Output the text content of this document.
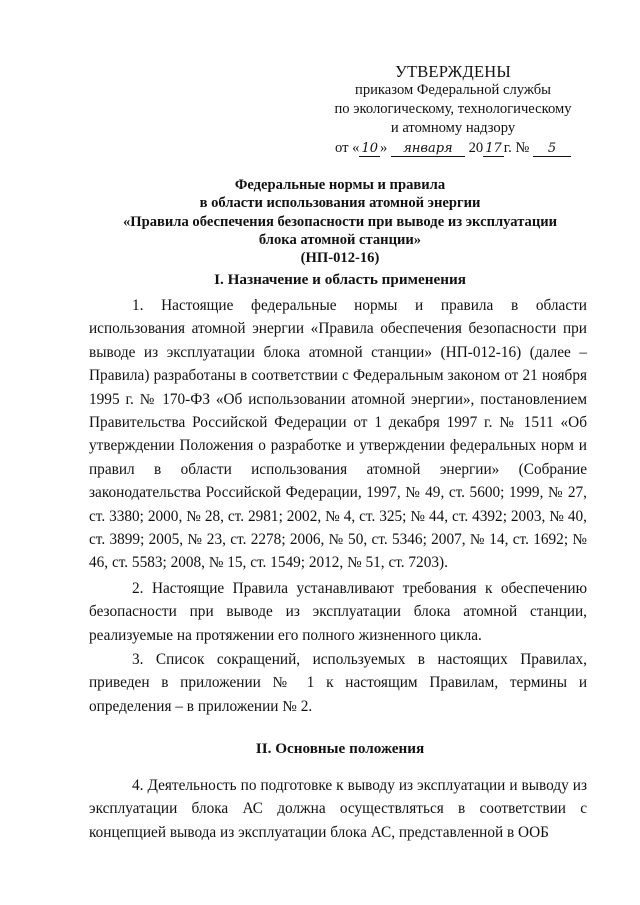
УТВЕРЖДЕНЫ
приказом Федеральной службы
по экологическому, технологическому
и атомному надзору
от « 10 » января 20 17 г. № 5
Федеральные нормы и правила
в области использования атомной энергии
«Правила обеспечения безопасности при выводе из эксплуатации
блока атомной станции»
(НП-012-16)
I. Назначение и область применения

1. Настоящие федеральные нормы и правила в области использования атомной энергии «Правила обеспечения безопасности при выводе из эксплуатации блока атомной станции» (НП-012-16) (далее – Правила) разработаны в соответствии с Федеральным законом от 21 ноября 1995 г. № 170-ФЗ «Об использовании атомной энергии», постановлением Правительства Российской Федерации от 1 декабря 1997 г. № 1511 «Об утверждении Положения о разработке и утверждении федеральных норм и правил в области использования атомной энергии» (Собрание законодательства Российской Федерации, 1997, № 49, ст. 5600; 1999, № 27, ст. 3380; 2000, № 28, ст. 2981; 2002, № 4, ст. 325; № 44, ст. 4392; 2003, № 40, ст. 3899; 2005, № 23, ст. 2278; 2006, № 50, ст. 5346; 2007, № 14, ст. 1692; № 46, ст. 5583; 2008, № 15, ст. 1549; 2012, № 51, ст. 7203).

2. Настоящие Правила устанавливают требования к обеспечению безопасности при выводе из эксплуатации блока атомной станции, реализуемые на протяжении его полного жизненного цикла.

3. Список сокращений, используемых в настоящих Правилах, приведен в приложении № 1 к настоящим Правилам, термины и определения – в приложении № 2.

II. Основные положения

4. Деятельность по подготовке к выводу из эксплуатации и выводу из эксплуатации блока АС должна осуществляться в соответствии с концепцией вывода из эксплуатации блока АС, представленной в ООБ
